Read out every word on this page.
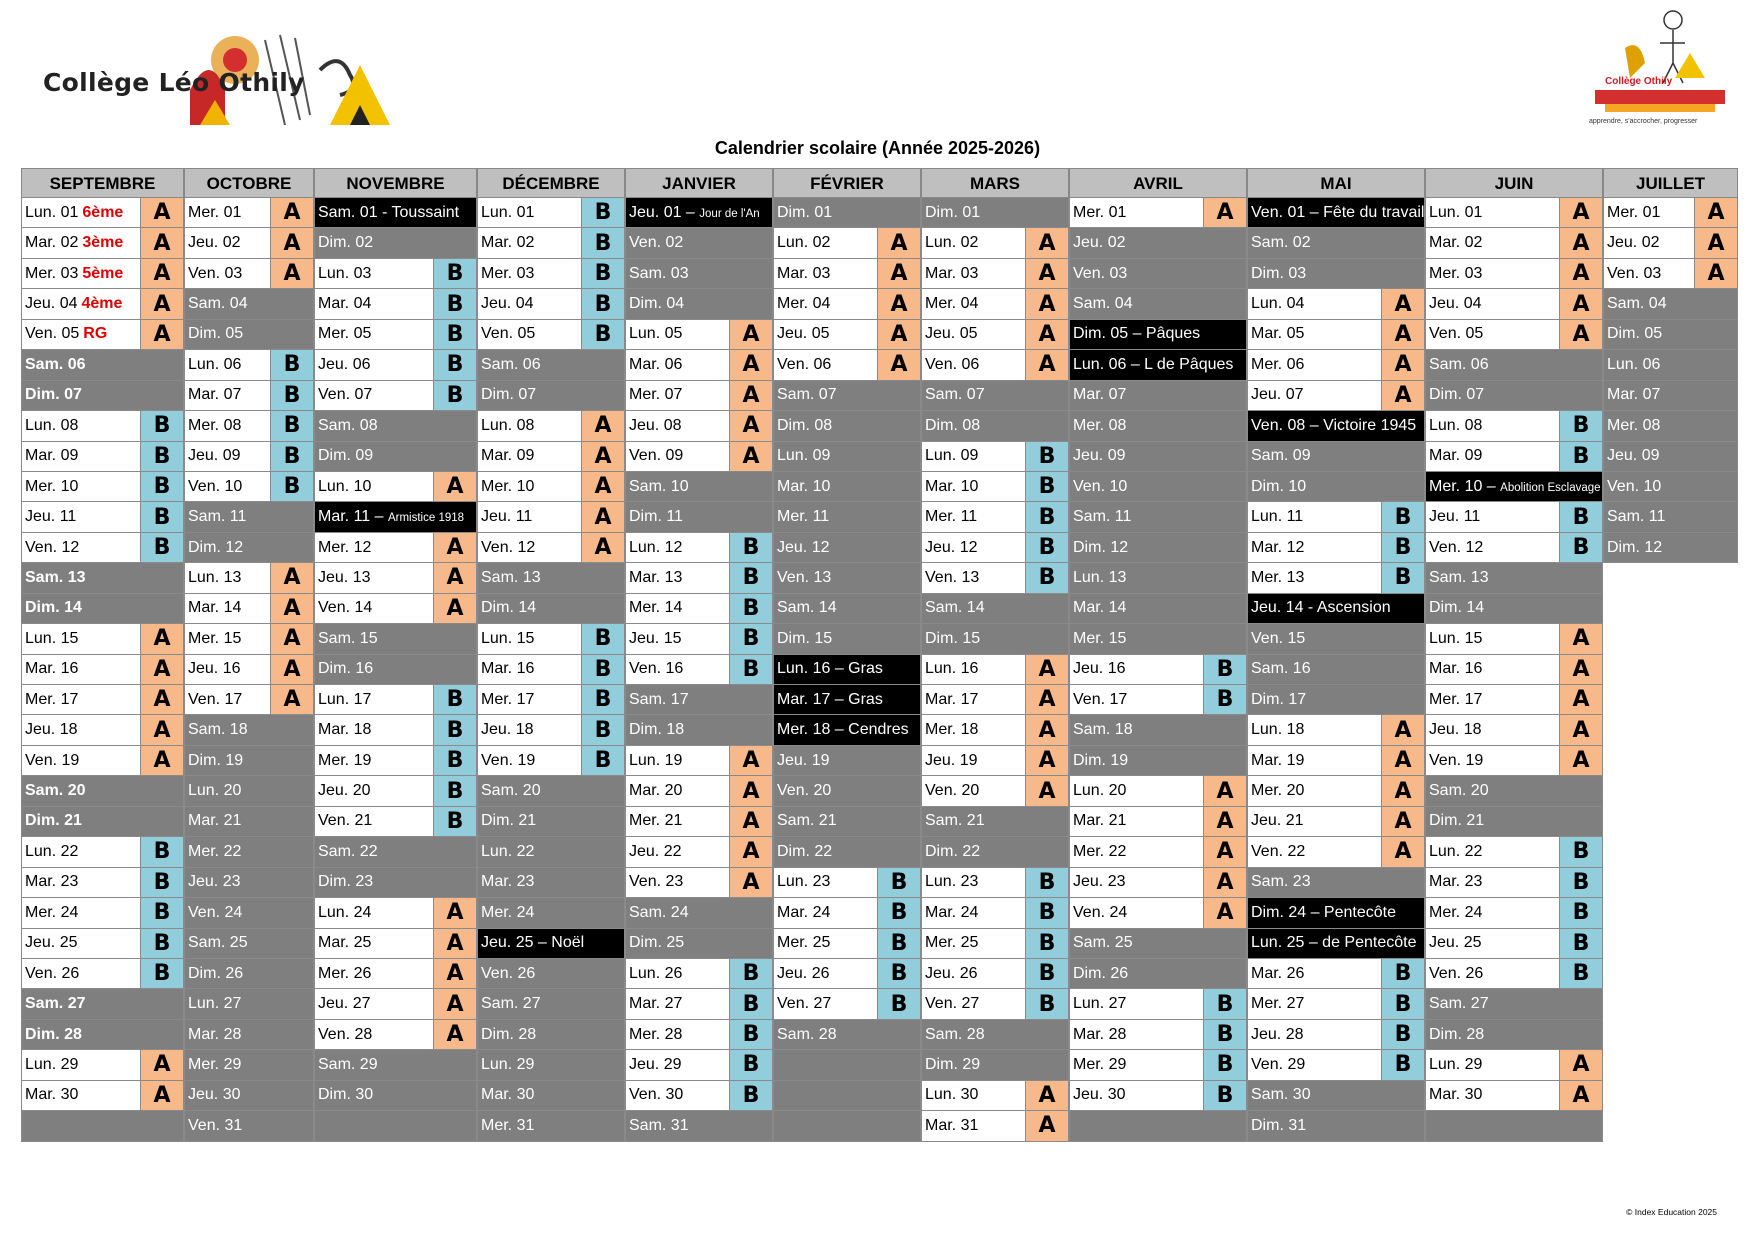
Collège Léo Othily	Collège Othily
apprendre, s'accrocher, progresser
Calendrier scolaire (Année 2025-2026)
SEPTEMBRE
Lun. 01 6ème	A
Mar. 02 3ème	A
Mer. 03 5ème	A
Jeu. 04 4ème	A
Ven. 05 RG	A
Sam. 06
Dim. 07
Lun. 08	B
Mar. 09	B
Mer. 10	B
Jeu. 11	B
Ven. 12	B
Sam. 13
Dim. 14
Lun. 15	A
Mar. 16	A
Mer. 17	A
Jeu. 18	A
Ven. 19	A
Sam. 20
Dim. 21
Lun. 22	B
Mar. 23	B
Mer. 24	B
Jeu. 25	B
Ven. 26	B
Sam. 27
Dim. 28
Lun. 29	A
Mar. 30	A
OCTOBRE
Mer. 01	A
Jeu. 02	A
Ven. 03	A
Sam. 04
Dim. 05
Lun. 06	B
Mar. 07	B
Mer. 08	B
Jeu. 09	B
Ven. 10	B
Sam. 11
Dim. 12
Lun. 13	A
Mar. 14	A
Mer. 15	A
Jeu. 16	A
Ven. 17	A
Sam. 18
Dim. 19
Lun. 20
Mar. 21
Mer. 22
Jeu. 23
Ven. 24
Sam. 25
Dim. 26
Lun. 27
Mar. 28
Mer. 29
Jeu. 30
Ven. 31
NOVEMBRE
Sam. 01 - Toussaint
Dim. 02
Lun. 03	B
Mar. 04	B
Mer. 05	B
Jeu. 06	B
Ven. 07	B
Sam. 08
Dim. 09
Lun. 10	A
Mar. 11 – Armistice 1918
Mer. 12	A
Jeu. 13	A
Ven. 14	A
Sam. 15
Dim. 16
Lun. 17	B
Mar. 18	B
Mer. 19	B
Jeu. 20	B
Ven. 21	B
Sam. 22
Dim. 23
Lun. 24	A
Mar. 25	A
Mer. 26	A
Jeu. 27	A
Ven. 28	A
Sam. 29
Dim. 30
DÉCEMBRE
Lun. 01	B
Mar. 02	B
Mer. 03	B
Jeu. 04	B
Ven. 05	B
Sam. 06
Dim. 07
Lun. 08	A
Mar. 09	A
Mer. 10	A
Jeu. 11	A
Ven. 12	A
Sam. 13
Dim. 14
Lun. 15	B
Mar. 16	B
Mer. 17	B
Jeu. 18	B
Ven. 19	B
Sam. 20
Dim. 21
Lun. 22
Mar. 23
Mer. 24
Jeu. 25 – Noël
Ven. 26
Sam. 27
Dim. 28
Lun. 29
Mar. 30
Mer. 31
JANVIER
Jeu. 01 – Jour de l'An
Ven. 02
Sam. 03
Dim. 04
Lun. 05	A
Mar. 06	A
Mer. 07	A
Jeu. 08	A
Ven. 09	A
Sam. 10
Dim. 11
Lun. 12	B
Mar. 13	B
Mer. 14	B
Jeu. 15	B
Ven. 16	B
Sam. 17
Dim. 18
Lun. 19	A
Mar. 20	A
Mer. 21	A
Jeu. 22	A
Ven. 23	A
Sam. 24
Dim. 25
Lun. 26	B
Mar. 27	B
Mer. 28	B
Jeu. 29	B
Ven. 30	B
Sam. 31
FÉVRIER
Dim. 01
Lun. 02	A
Mar. 03	A
Mer. 04	A
Jeu. 05	A
Ven. 06	A
Sam. 07
Dim. 08
Lun. 09
Mar. 10
Mer. 11
Jeu. 12
Ven. 13
Sam. 14
Dim. 15
Lun. 16 – Gras
Mar. 17 – Gras
Mer. 18 – Cendres
Jeu. 19
Ven. 20
Sam. 21
Dim. 22
Lun. 23	B
Mar. 24	B
Mer. 25	B
Jeu. 26	B
Ven. 27	B
Sam. 28
MARS
Dim. 01
Lun. 02	A
Mar. 03	A
Mer. 04	A
Jeu. 05	A
Ven. 06	A
Sam. 07
Dim. 08
Lun. 09	B
Mar. 10	B
Mer. 11	B
Jeu. 12	B
Ven. 13	B
Sam. 14
Dim. 15
Lun. 16	A
Mar. 17	A
Mer. 18	A
Jeu. 19	A
Ven. 20	A
Sam. 21
Dim. 22
Lun. 23	B
Mar. 24	B
Mer. 25	B
Jeu. 26	B
Ven. 27	B
Sam. 28
Dim. 29
Lun. 30	A
Mar. 31	A
AVRIL
Mer. 01	A
Jeu. 02
Ven. 03
Sam. 04
Dim. 05 – Pâques
Lun. 06 – L de Pâques
Mar. 07
Mer. 08
Jeu. 09
Ven. 10
Sam. 11
Dim. 12
Lun. 13
Mar. 14
Mer. 15
Jeu. 16	B
Ven. 17	B
Sam. 18
Dim. 19
Lun. 20	A
Mar. 21	A
Mer. 22	A
Jeu. 23	A
Ven. 24	A
Sam. 25
Dim. 26
Lun. 27	B
Mar. 28	B
Mer. 29	B
Jeu. 30	B
MAI
Ven. 01 – Fête du travail
Sam. 02
Dim. 03
Lun. 04	A
Mar. 05	A
Mer. 06	A
Jeu. 07	A
Ven. 08 – Victoire 1945
Sam. 09
Dim. 10
Lun. 11	B
Mar. 12	B
Mer. 13	B
Jeu. 14 - Ascension
Ven. 15
Sam. 16
Dim. 17
Lun. 18	A
Mar. 19	A
Mer. 20	A
Jeu. 21	A
Ven. 22	A
Sam. 23
Dim. 24 – Pentecôte
Lun. 25 – de Pentecôte
Mar. 26	B
Mer. 27	B
Jeu. 28	B
Ven. 29	B
Sam. 30
Dim. 31
JUIN
Lun. 01	A
Mar. 02	A
Mer. 03	A
Jeu. 04	A
Ven. 05	A
Sam. 06
Dim. 07
Lun. 08	B
Mar. 09	B
Mer. 10 – Abolition Esclavage
Jeu. 11	B
Ven. 12	B
Sam. 13
Dim. 14
Lun. 15	A
Mar. 16	A
Mer. 17	A
Jeu. 18	A
Ven. 19	A
Sam. 20
Dim. 21
Lun. 22	B
Mar. 23	B
Mer. 24	B
Jeu. 25	B
Ven. 26	B
Sam. 27
Dim. 28
Lun. 29	A
Mar. 30	A
JUILLET
Mer. 01	A
Jeu. 02	A
Ven. 03	A
Sam. 04
Dim. 05
Lun. 06
Mar. 07
Mer. 08
Jeu. 09
Ven. 10
Sam. 11
Dim. 12
© Index Education 2025
